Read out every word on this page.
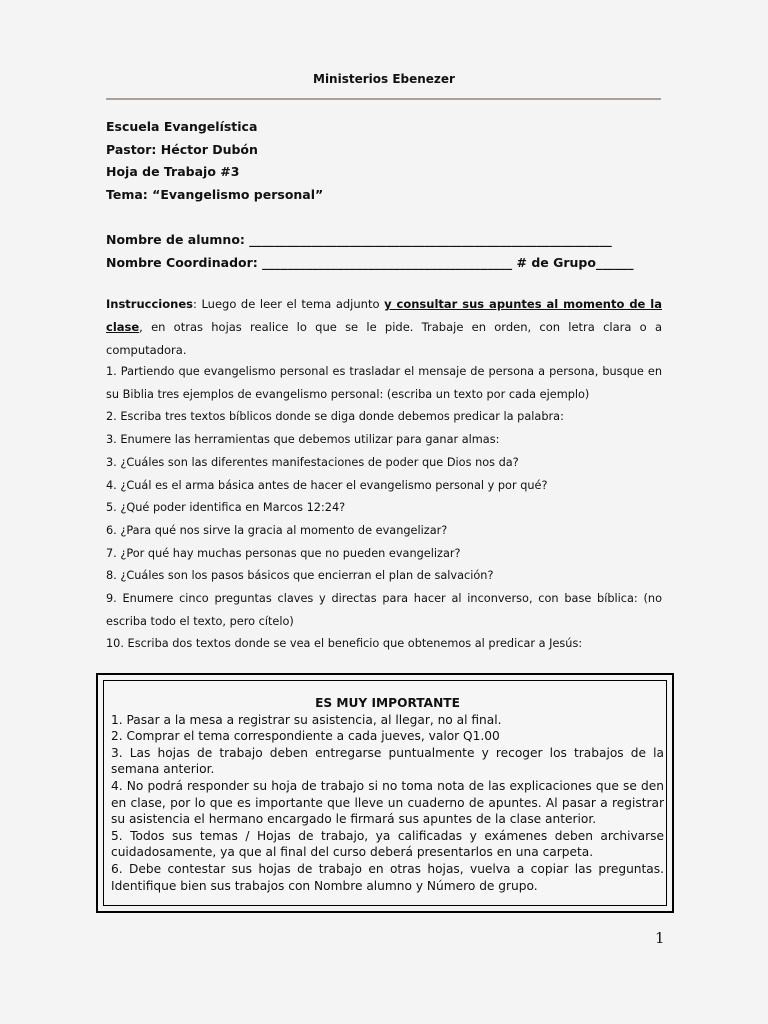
Ministerios Ebenezer
Escuela Evangelística
Pastor: Héctor Dubón
Hoja de Trabajo #3
Tema: “Evangelismo personal”
Nombre de alumno: __________________________________________________________
Nombre Coordinador: ________________________________________ # de Grupo______
Instrucciones: Luego de leer el tema adjunto y consultar sus apuntes al momento de la clase, en otras hojas realice lo que se le pide. Trabaje en orden, con letra clara o a computadora.

1. Partiendo que evangelismo personal es trasladar el mensaje de persona a persona, busque en su Biblia tres ejemplos de evangelismo personal: (escriba un texto por cada ejemplo)

2. Escriba tres textos bíblicos donde se diga donde debemos predicar la palabra:

3. Enumere las herramientas que debemos utilizar para ganar almas:

3. ¿Cuáles son las diferentes manifestaciones de poder que Dios nos da?

4. ¿Cuál es el arma básica antes de hacer el evangelismo personal y por qué?

5. ¿Qué poder identifica en Marcos 12:24?

6. ¿Para qué nos sirve la gracia al momento de evangelizar?

7. ¿Por qué hay muchas personas que no pueden evangelizar?

8. ¿Cuáles son los pasos básicos que encierran el plan de salvación?

9. Enumere cinco preguntas claves y directas para hacer al inconverso, con base bíblica: (no escriba todo el texto, pero cítelo)

10. Escriba dos textos donde se vea el beneficio que obtenemos al predicar a Jesús:

ES MUY IMPORTANTE
1. Pasar a la mesa a registrar su asistencia, al llegar, no al final.
2. Comprar el tema correspondiente a cada jueves, valor Q1.00
3. Las hojas de trabajo deben entregarse puntualmente y recoger los trabajos de la semana anterior.
4. No podrá responder su hoja de trabajo si no toma nota de las explicaciones que se den en clase, por lo que es importante que lleve un cuaderno de apuntes. Al pasar a registrar su asistencia el hermano encargado le firmará sus apuntes de la clase anterior.
5. Todos sus temas / Hojas de trabajo, ya calificadas y exámenes deben archivarse cuidadosamente, ya que al final del curso deberá presentarlos en una carpeta.
6. Debe contestar sus hojas de trabajo en otras hojas, vuelva a copiar las preguntas. Identifique bien sus trabajos con Nombre alumno y Número de grupo.
1
